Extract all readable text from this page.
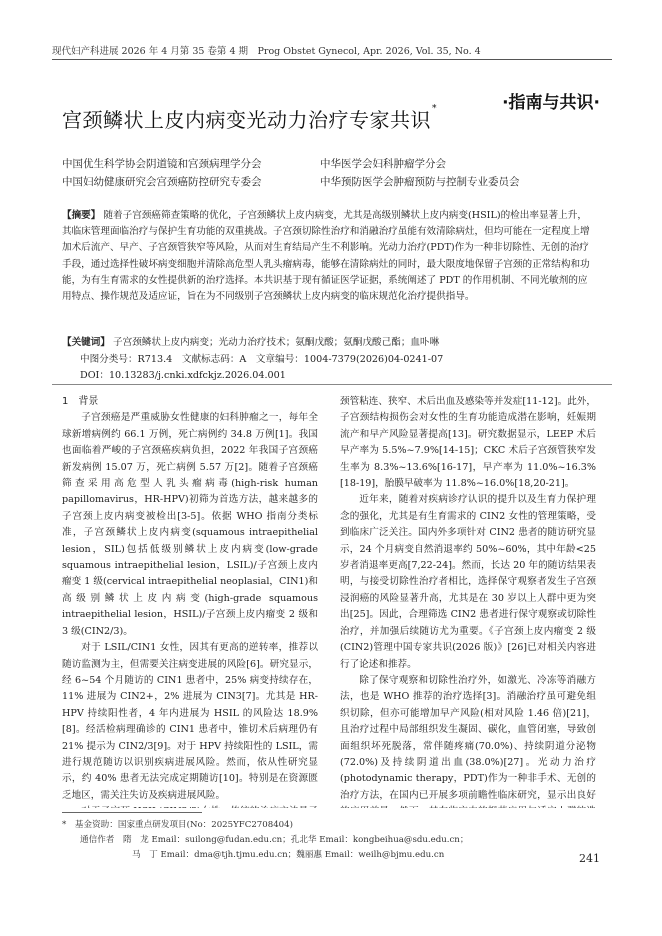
现代妇产科进展 2026 年 4 月第 35 卷第 4 期　Prog Obstet Gynecol, Apr. 2026, Vol. 35, No. 4
·指南与共识·
宫颈鳞状上皮内病变光动力治疗专家共识*
中国优生科学协会阴道镜和宫颈病理学分会	中华医学会妇科肿瘤学分会
中国妇幼健康研究会宫颈癌防控研究专委会	中华预防医学会肿瘤预防与控制专业委员会
【摘要】 随着子宫颈癌筛查策略的优化，子宫颈鳞状上皮内病变，尤其是高级别鳞状上皮内病变(HSIL)的检出率显著上升，其临床管理面临治疗与保护生育功能的双重挑战。子宫颈切除性治疗和消融治疗虽能有效清除病灶，但均可能在一定程度上增加术后流产、早产、子宫颈管狭窄等风险，从而对生育结局产生不利影响。光动力治疗(PDT)作为一种非切除性、无创的治疗手段，通过选择性破坏病变细胞并清除高危型人乳头瘤病毒，能够在清除病灶的同时，最大限度地保留子宫颈的正常结构和功能，为有生育需求的女性提供新的治疗选择。本共识基于现有循证医学证据，系统阐述了 PDT 的作用机制、不同光敏剂的应用特点、操作规范及适应证，旨在为不同级别子宫颈鳞状上皮内病变的临床规范化治疗提供指导。
【关键词】 子宫颈鳞状上皮内病变；光动力治疗技术；氨酮戊酸；氨酮戊酸己酯；血卟啉
中图分类号：R713.4　文献标志码：A　文章编号：1004-7379(2026)04-0241-07
DOI：10.13283/j.cnki.xdfckjz.2026.04.001
1　背景

子宫颈癌是严重威胁女性健康的妇科肿瘤之一，每年全球新增病例约 66.1 万例，死亡病例约 34.8 万例[1]。我国也面临着严峻的子宫颈癌疾病负担，2022 年我国子宫颈癌新发病例 15.07 万，死亡病例 5.57 万[2]。随着子宫颈癌筛查采用高危型人乳头瘤病毒(high-risk human papillomavirus，HR-HPV)初筛为首选方法，越来越多的子宫颈上皮内病变被检出[3-5]。依据 WHO 指南分类标准，子宫颈鳞状上皮内病变(squamous intraepithelial lesion，SIL)包括低级别鳞状上皮内病变(low-grade squamous intraepithelial lesion，LSIL)/子宫颈上皮内瘤变 1 级(cervical intraepithelial neoplasial，CIN1)和高级别鳞状上皮内病变(high-grade squamous intraepithelial lesion，HSIL)/子宫颈上皮内瘤变 2 级和 3 级(CIN2/3)。

对于 LSIL/CIN1 女性，因其有更高的逆转率，推荐以随访监测为主，但需要关注病变进展的风险[6]。研究显示，经 6~54 个月随访的 CIN1 患者中，25% 病变持续存在，11% 进展为 CIN2+，2% 进展为 CIN3[7]。尤其是 HR-HPV 持续阳性者，4 年内进展为 HSIL 的风险达 18.9%[8]。经活检病理确诊的 CIN1 患者中，锥切术后病理仍有 21% 提示为 CIN2/3[9]。对于 HPV 持续阳性的 LSIL，需进行规范随访以识别疾病进展风险。然而，依从性研究显示，约 40% 患者无法完成定期随访[10]。特别是在资源匮乏地区，需关注失访及疾病进展风险。

颈管粘连、狭窄、术后出血及感染等并发症[11-12]。此外，子宫颈结构损伤会对女性的生育功能造成潜在影响，妊娠期流产和早产风险显著提高[13]。研究数据显示，LEEP 术后早产率为 5.5%~7.9%[14-15]；CKC 术后子宫颈管狭窄发生率为 8.3%~13.6%[16-17]，早产率为 11.0%~16.3%[18-19]，胎膜早破率为 11.8%~16.0%[18,20-21]。

近年来，随着对疾病诊疗认识的提升以及生育力保护理念的强化，尤其是有生育需求的 CIN2 女性的管理策略，受到临床广泛关注。国内外多项针对 CIN2 患者的随访研究显示，24 个月病变自然消退率约 50%~60%，其中年龄<25 岁者消退率更高[7,22-24]。然而，长达 20 年的随访结果表明，与接受切除性治疗者相比，选择保守观察者发生子宫颈浸润癌的风险显著升高，尤其是在 30 岁以上人群中更为突出[25]。因此，合理筛选 CIN2 患者进行保守观察或切除性治疗，并加强后续随访尤为重要。《子宫颈上皮内瘤变 2 级(CIN2)管理中国专家共识(2026 版)》[26]已对相关内容进行了论述和推荐。

除了保守观察和切除性治疗外，如激光、冷冻等消融方法，也是 WHO 推荐的治疗选择[3]。消融治疗虽可避免组织切除，但亦可能增加早产风险(相对风险 1.46 倍)[21]，且治疗过程中局部组织发生凝固、碳化，血管闭塞，导致创面组织坏死脱落，常伴随疼痛(70.0%)、持续阴道分泌物(72.0%)及持续阴道出血(38.0%)[27]。光动力治疗(photodynamic therapy，PDT)作为一种非手术、无创的治疗方法，在国内已开展多项前瞻性临床研究，显示出良好

*　基金资助：国家重点研发项目(No：2025YFC2708404)
通信作者　隋　龙 Email：suilong@fudan.edu.cn；孔北华 Email：kongbeihua@sdu.edu.cn；
马　丁 Email：dma@tjh.tjmu.edu.cn；魏丽惠 Email：weilh@bjmu.edu.cn	241
